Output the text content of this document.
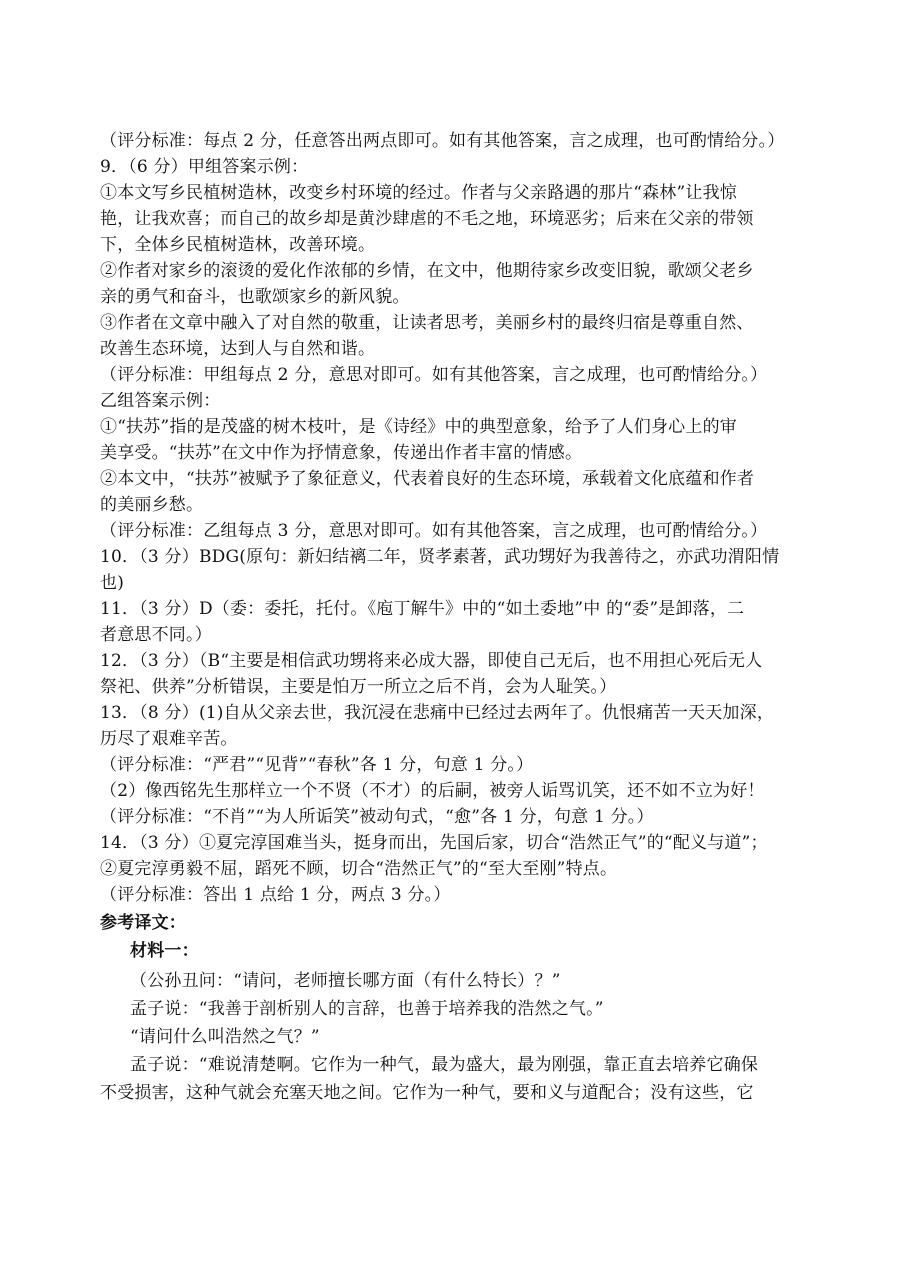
（评分标准：每点 2 分，任意答出两点即可。如有其他答案，言之成理，也可酌情给分。）
9．（6 分）甲组答案示例：
①本文写乡民植树造林，改变乡村环境的经过。作者与父亲路遇的那片“森林”让我惊
艳，让我欢喜；而自己的故乡却是黄沙肆虐的不毛之地，环境恶劣；后来在父亲的带领
下，全体乡民植树造林，改善环境。
②作者对家乡的滚烫的爱化作浓郁的乡情，在文中，他期待家乡改变旧貌，歌颂父老乡
亲的勇气和奋斗，也歌颂家乡的新风貌。
③作者在文章中融入了对自然的敬重，让读者思考，美丽乡村的最终归宿是尊重自然、
改善生态环境，达到人与自然和谐。
（评分标准：甲组每点 2 分，意思对即可。如有其他答案，言之成理，也可酌情给分。）
乙组答案示例：
①“扶苏”指的是茂盛的树木枝叶，是《诗经》中的典型意象，给予了人们身心上的审
美享受。“扶苏”在文中作为抒情意象，传递出作者丰富的情感。
②本文中，“扶苏”被赋予了象征意义，代表着良好的生态环境，承载着文化底蕴和作者
的美丽乡愁。
（评分标准：乙组每点 3 分，意思对即可。如有其他答案，言之成理，也可酌情给分。）
10．（3 分）BDG(原句：新妇结褵二年，贤孝素著，武功甥好为我善待之，亦武功渭阳情
也)
11．（3 分）D（委：委托，托付。《庖丁解牛》中的“如土委地”中 的“委”是卸落，二
者意思不同。）
12．（3 分）（B“主要是相信武功甥将来必成大器，即使自己无后，也不用担心死后无人
祭祀、供养”分析错误，主要是怕万一所立之后不肖，会为人耻笑。）
13．（8 分）(1)自从父亲去世，我沉浸在悲痛中已经过去两年了。仇恨痛苦一天天加深，
历尽了艰难辛苦。
（评分标准：“严君”“见背”“春秋”各 1 分，句意 1 分。）
（2）像西铭先生那样立一个不贤（不才）的后嗣，被旁人诟骂讥笑，还不如不立为好！
（评分标准：“不肖”“为人所诟笑”被动句式，“愈”各 1 分，句意 1 分。）
14．（3 分）①夏完淳国难当头，挺身而出，先国后家，切合“浩然正气”的“配义与道”；
②夏完淳勇毅不屈，蹈死不顾，切合“浩然正气”的“至大至刚”特点。
（评分标准：答出 1 点给 1 分，两点 3 分。）
参考译文：
材料一：
（公孙丑问：“请问，老师擅长哪方面（有什么特长）？”
孟子说：“我善于剖析别人的言辞，也善于培养我的浩然之气。”
“请问什么叫浩然之气？”
孟子说：“难说清楚啊。它作为一种气，最为盛大，最为刚强，靠正直去培养它确保
不受损害，这种气就会充塞天地之间。它作为一种气，要和义与道配合；没有这些，它
